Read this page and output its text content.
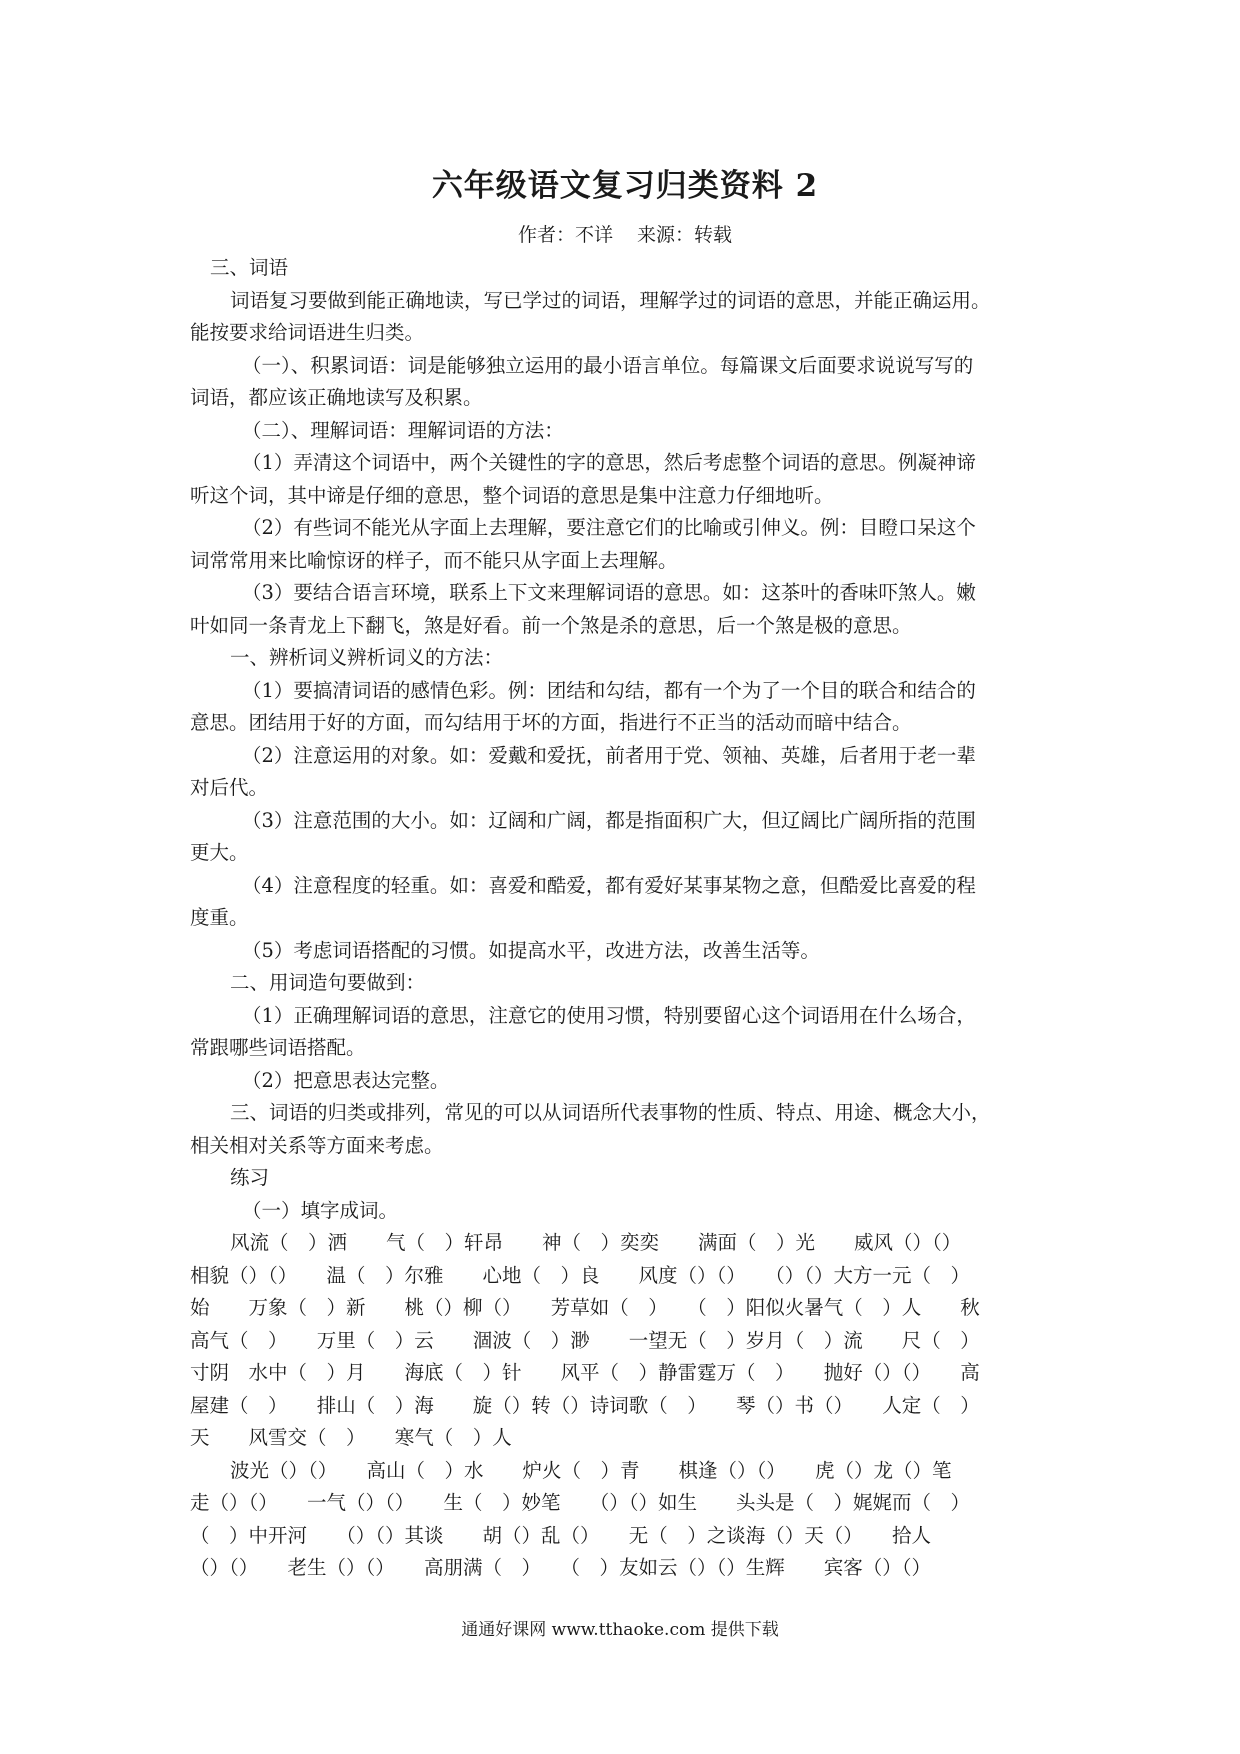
六年级语文复习归类资料 2
作者：不详 来源：转载
三、词语
词语复习要做到能正确地读，写已学过的词语，理解学过的词语的意思，并能正确运用。
能按要求给词语进生归类。
（一）、积累词语：词是能够独立运用的最小语言单位。每篇课文后面要求说说写写的
词语，都应该正确地读写及积累。
（二）、理解词语：理解词语的方法：
（1）弄清这个词语中，两个关键性的字的意思，然后考虑整个词语的意思。例凝神谛
听这个词，其中谛是仔细的意思，整个词语的意思是集中注意力仔细地听。
（2）有些词不能光从字面上去理解，要注意它们的比喻或引伸义。例：目瞪口呆这个
词常常用来比喻惊讶的样子，而不能只从字面上去理解。
（3）要结合语言环境，联系上下文来理解词语的意思。如：这茶叶的香味吓煞人。嫩
叶如同一条青龙上下翻飞，煞是好看。前一个煞是杀的意思，后一个煞是极的意思。
一、辨析词义辨析词义的方法：
（1）要搞清词语的感情色彩。例：团结和勾结，都有一个为了一个目的联合和结合的
意思。团结用于好的方面，而勾结用于坏的方面，指进行不正当的活动而暗中结合。
（2）注意运用的对象。如：爱戴和爱抚，前者用于党、领袖、英雄，后者用于老一辈
对后代。
（3）注意范围的大小。如：辽阔和广阔，都是指面积广大，但辽阔比广阔所指的范围
更大。
（4）注意程度的轻重。如：喜爱和酷爱，都有爱好某事某物之意，但酷爱比喜爱的程
度重。
（5）考虑词语搭配的习惯。如提高水平，改进方法，改善生活等。
二、用词造句要做到：
（1）正确理解词语的意思，注意它的使用习惯，特别要留心这个词语用在什么场合，
常跟哪些词语搭配。
（2）把意思表达完整。
三、词语的归类或排列，常见的可以从词语所代表事物的性质、特点、用途、概念大小，
相关相对关系等方面来考虑。
练习
（一）填字成词。
风流（　）洒　　气（　）轩昂　　神（　）奕奕　　满面（　）光　　威风（）（）
相貌（）（）　　温（　）尔雅　　心地（　）良　　风度（）（）　　（）（）大方一元（　）
始　　万象（　）新　　桃（）柳（）　　芳草如（　）　　（　）阳似火暑气（　）人　　秋
高气（　）　　万里（　）云　　涸波（　）渺　　一望无（　）岁月（　）流　　尺（　）
寸阴　水中（　）月　　海底（　）针　　风平（　）静雷霆万（　）　　抛好（）（）　　高
屋建（　）　　排山（　）海　　旋（）转（）诗词歌（　）　　琴（）书（）　　人定（　）
天　　风雪交（　）　　寒气（　）人
波光（）（）　　高山（　）水　　炉火（　）青　　棋逢（）（）　　虎（）龙（）笔
走（）（）　　一气（）（）　　生（　）妙笔　　（）（）如生　　头头是（　）娓娓而（　）
（　）中开河　　（）（）其谈　　胡（）乱（）　　无（　）之谈海（）天（）　　拾人
（）（）　　老生（）（）　　高朋满（　）　　（　）友如云（）（）生辉　　宾客（）（）
通通好课网 www.tthaoke.com 提供下载
